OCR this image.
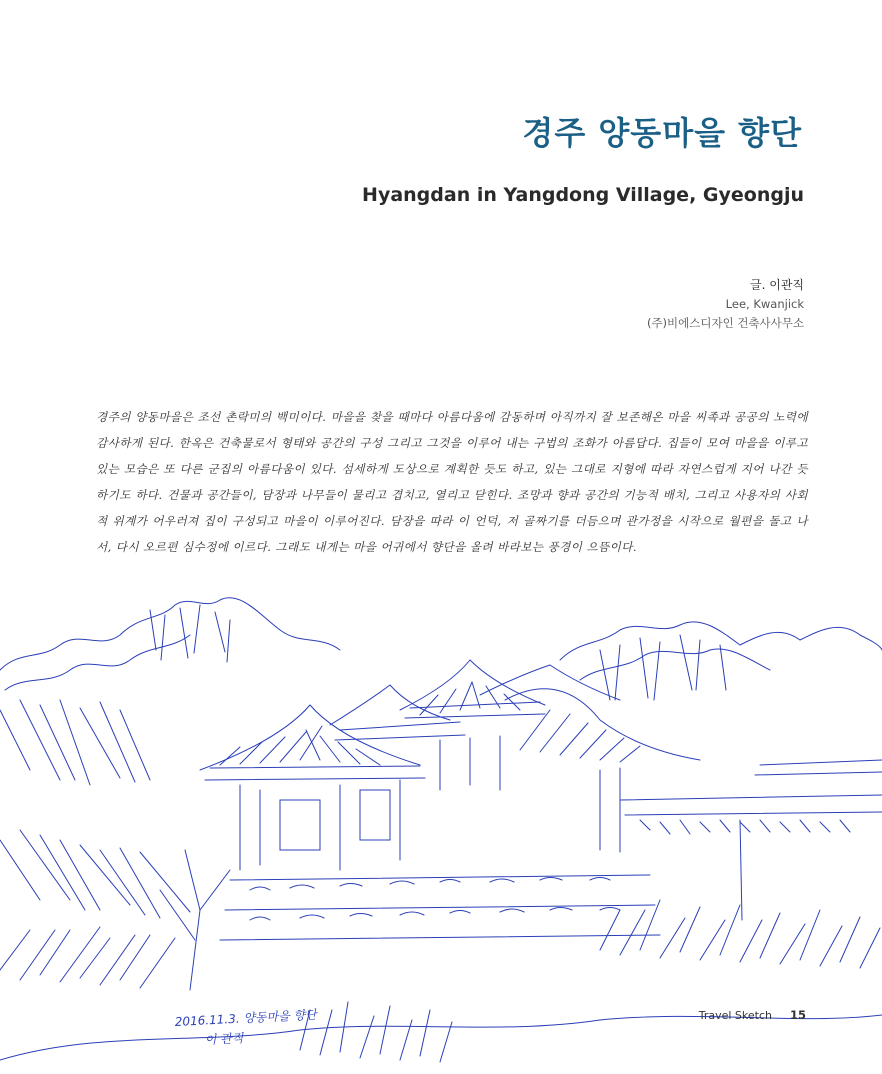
경주 양동마을 향단
Hyangdan in Yangdong Village, Gyeongju
글. 이관직
Lee, Kwanjick
(주)비에스디자인 건축사사무소

경주의 양동마을은 조선 촌락미의 백미이다. 마을을 찾을 때마다 아름다움에 감동하며 아직까지 잘 보존해온 마을 씨족과 공공의 노력에 감사하게 된다. 한옥은 건축물로서 형태와 공간의 구성 그리고 그것을 이루어 내는 구법의 조화가 아름답다. 집들이 모여 마을을 이루고 있는 모습은 또 다른 군집의 아름다움이 있다. 섬세하게 도상으로 계획한 듯도 하고, 있는 그대로 지형에 따라 자연스럽게 지어 나간 듯하기도 하다. 건물과 공간들이, 담장과 나무들이 물리고 겹치고, 열리고 닫힌다. 조망과 향과 공간의 기능적 배치, 그리고 사용자의 사회적 위계가 어우러져 집이 구성되고 마을이 이루어진다. 담장을 따라 이 언덕, 저 골짜기를 더듬으며 관가정을 시작으로 월편을 돌고 나서, 다시 오르편 심수정에 이르다. 그래도 내게는 마을 어귀에서 향단을 올려 바라보는 풍경이 으뜸이다.

2016.11.3. 양동마을 향단
이 관직
Travel Sketch 15
